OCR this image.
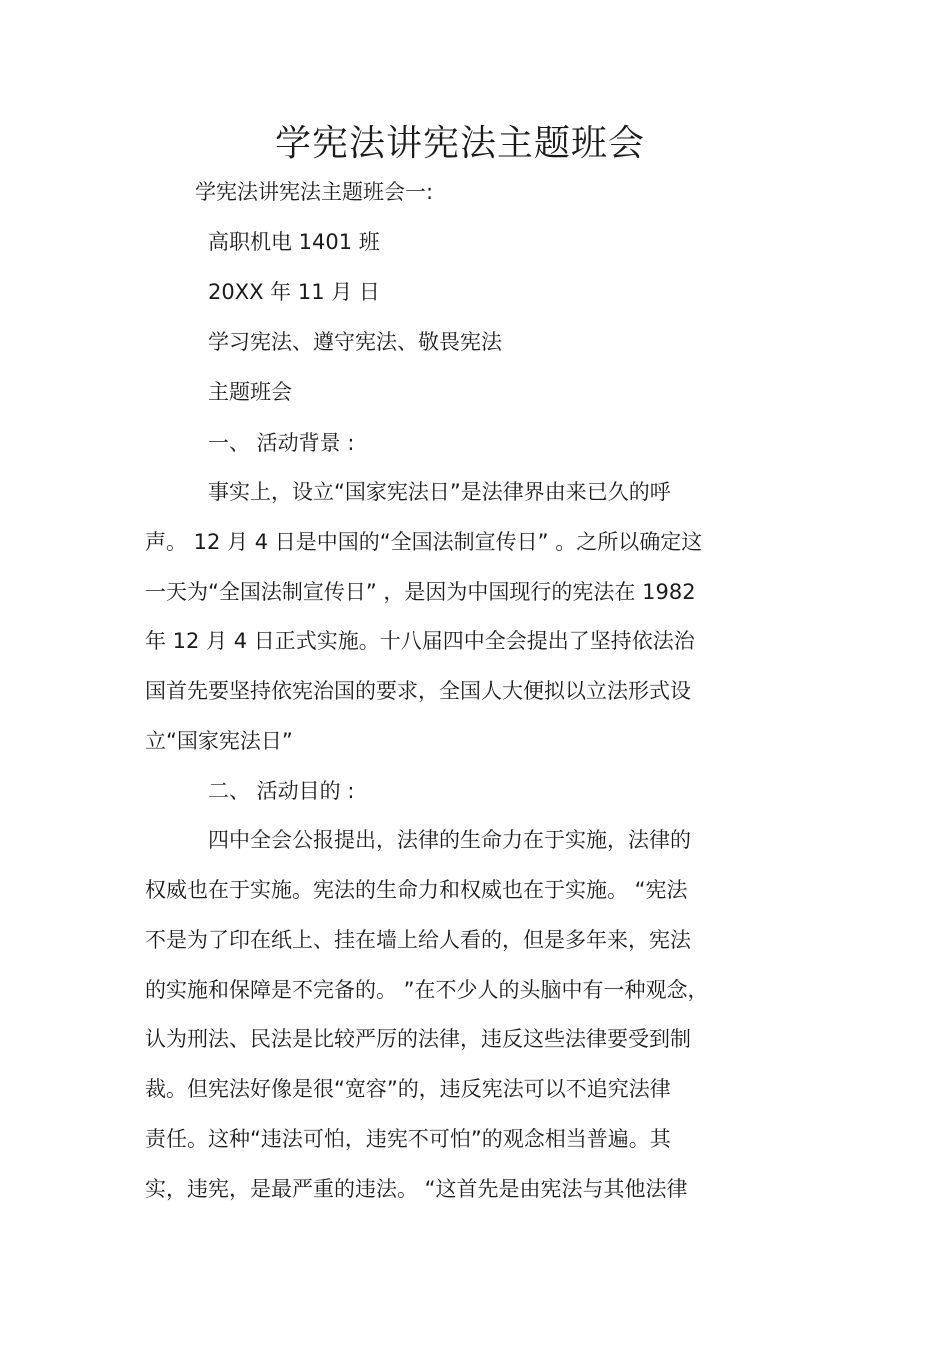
学宪法讲宪法主题班会
学宪法讲宪法主题班会一:
高职机电 1401 班
20XX 年 11 月 日
学习宪法、遵守宪法、敬畏宪法
主题班会
一、 活动背景 :
事实上，设立“国家宪法日”是法律界由来已久的呼
声。 12 月 4 日是中国的“全国法制宣传日” 。之所以确定这
一天为“全国法制宣传日” ，是因为中国现行的宪法在 1982
年 12 月 4 日正式实施。十八届四中全会提出了坚持依法治
国首先要坚持依宪治国的要求，全国人大便拟以立法形式设
立“国家宪法日”
二、 活动目的 :
四中全会公报提出，法律的生命力在于实施，法律的
权威也在于实施。宪法的生命力和权威也在于实施。 “宪法
不是为了印在纸上、挂在墙上给人看的，但是多年来，宪法
的实施和保障是不完备的。 ”在不少人的头脑中有一种观念，
认为刑法、民法是比较严厉的法律，违反这些法律要受到制
裁。但宪法好像是很“宽容”的，违反宪法可以不追究法律
责任。这种“违法可怕，违宪不可怕”的观念相当普遍。其
实，违宪，是最严重的违法。 “这首先是由宪法与其他法律
